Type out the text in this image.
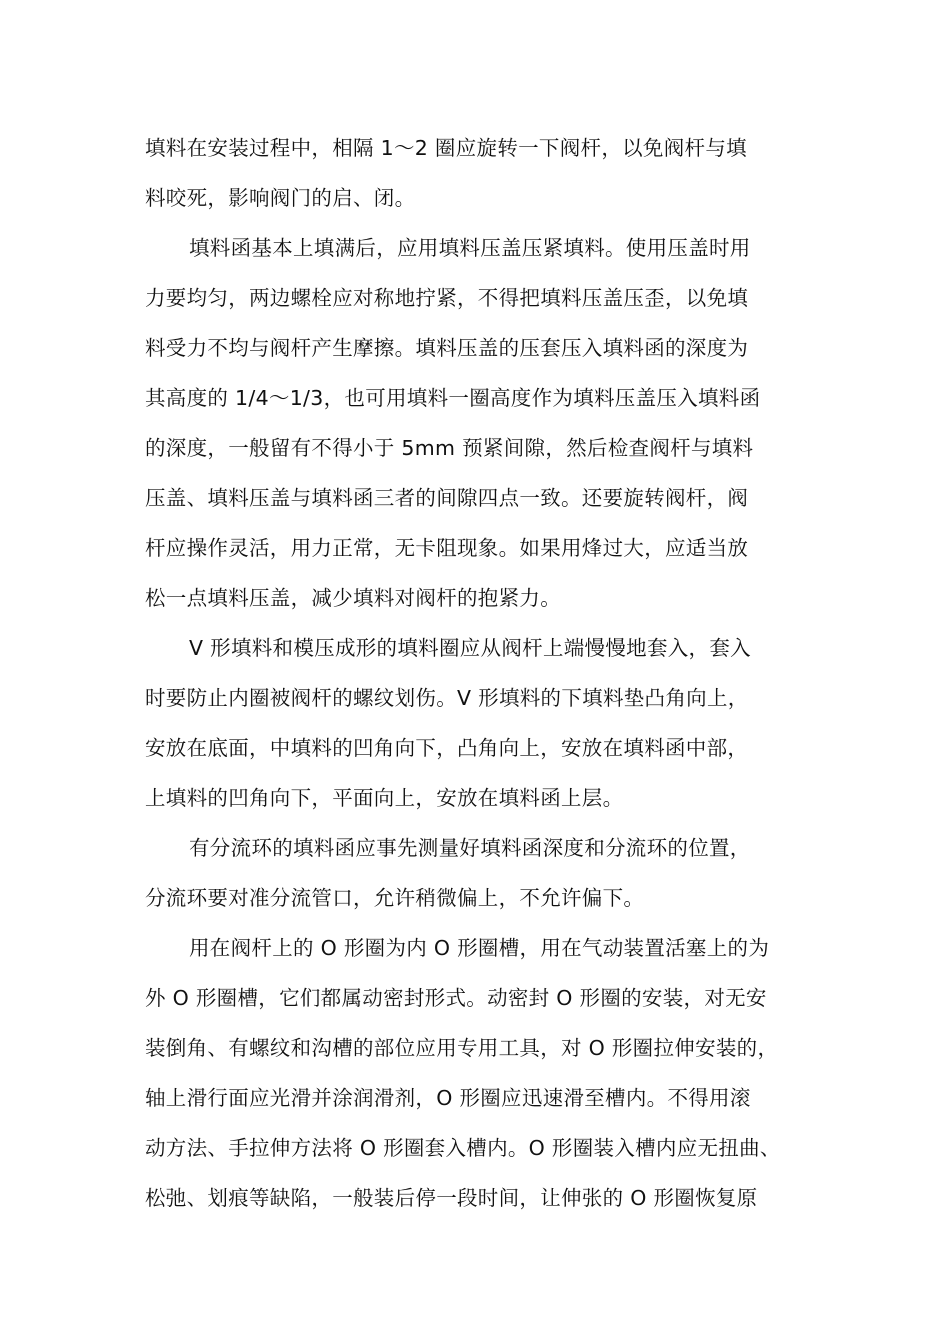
填料在安装过程中，相隔 1～2 圈应旋转一下阀杆，以免阀杆与填
料咬死，影响阀门的启、闭。
填料函基本上填满后，应用填料压盖压紧填料。使用压盖时用
力要均匀，两边螺栓应对称地拧紧，不得把填料压盖压歪，以免填
料受力不均与阀杆产生摩擦。填料压盖的压套压入填料函的深度为
其高度的 1/4～1/3，也可用填料一圈高度作为填料压盖压入填料函
的深度，一般留有不得小于 5mm 预紧间隙，然后检查阀杆与填料
压盖、填料压盖与填料函三者的间隙四点一致。还要旋转阀杆，阀
杆应操作灵活，用力正常，无卡阻现象。如果用烽过大，应适当放
松一点填料压盖，减少填料对阀杆的抱紧力。
V 形填料和模压成形的填料圈应从阀杆上端慢慢地套入，套入
时要防止内圈被阀杆的螺纹划伤。V 形填料的下填料垫凸角向上，
安放在底面，中填料的凹角向下，凸角向上，安放在填料函中部，
上填料的凹角向下，平面向上，安放在填料函上层。
有分流环的填料函应事先测量好填料函深度和分流环的位置，
分流环要对准分流管口，允许稍微偏上，不允许偏下。
用在阀杆上的 O 形圈为内 O 形圈槽，用在气动装置活塞上的为
外 O 形圈槽，它们都属动密封形式。动密封 O 形圈的安装，对无安
装倒角、有螺纹和沟槽的部位应用专用工具，对 O 形圈拉伸安装的，
轴上滑行面应光滑并涂润滑剂，O 形圈应迅速滑至槽内。不得用滚
动方法、手拉伸方法将 O 形圈套入槽内。O 形圈装入槽内应无扭曲、
松弛、划痕等缺陷，一般装后停一段时间，让伸张的 O 形圈恢复原
